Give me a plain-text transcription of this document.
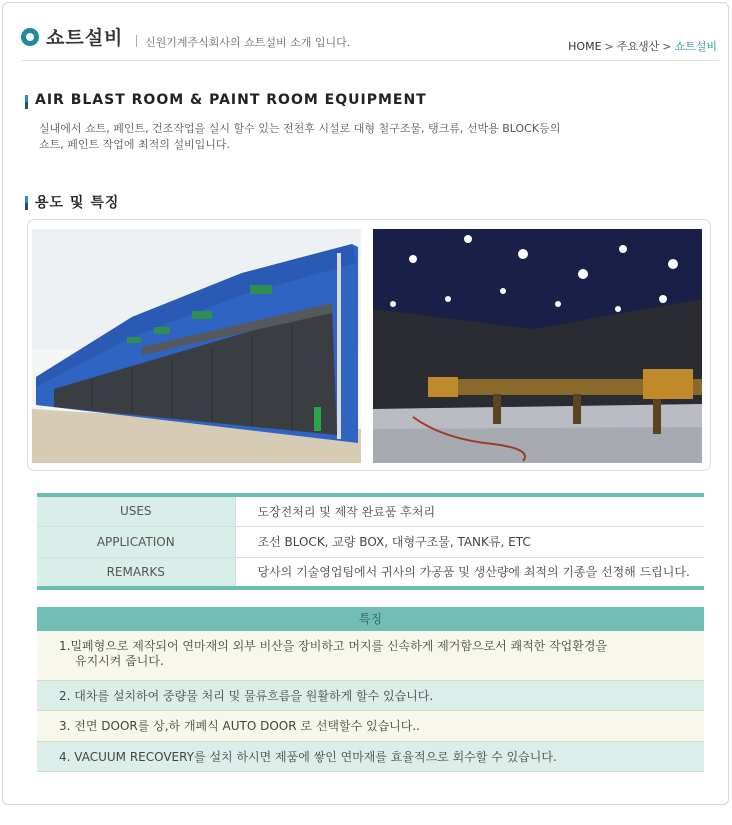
쇼트설비 신원기계주식회사의 쇼트설비 소개 입니다.	HOME > 주요생산 > 쇼트설비
AIR BLAST ROOM & PAINT ROOM EQUIPMENT
실내에서 쇼트, 페인트, 건조작업을 실시 할수 있는 전천후 시설로 대형 철구조물, 탱크류, 선박용 BLOCK등의
쇼트, 페인트 작업에 최적의 설비입니다.
용도 및 특징
USES	도장전처리 및 제작 완료품 후처리
APPLICATION	조선 BLOCK, 교량 BOX, 대형구조물, TANK류, ETC
REMARKS	당사의 기술영업팀에서 귀사의 가공품 및 생산량에 최적의 기종을 선정해 드립니다.
특징
1.밀폐형으로 제작되어 연마재의 외부 비산을 장비하고 머지를 신속하게 제거함으로서 쾌적한 작업환경을
유지시켜 줍니다.
2. 대차를 설치하여 중량물 처리 및 물류흐름을 원활하게 할수 있습니다.
3. 전면 DOOR를 상,하 개폐식 AUTO DOOR 로 선택할수 있습니다..
4. VACUUM RECOVERY를 설치 하시면 제품에 쌓인 연마재를 효율적으로 회수할 수 있습니다.
